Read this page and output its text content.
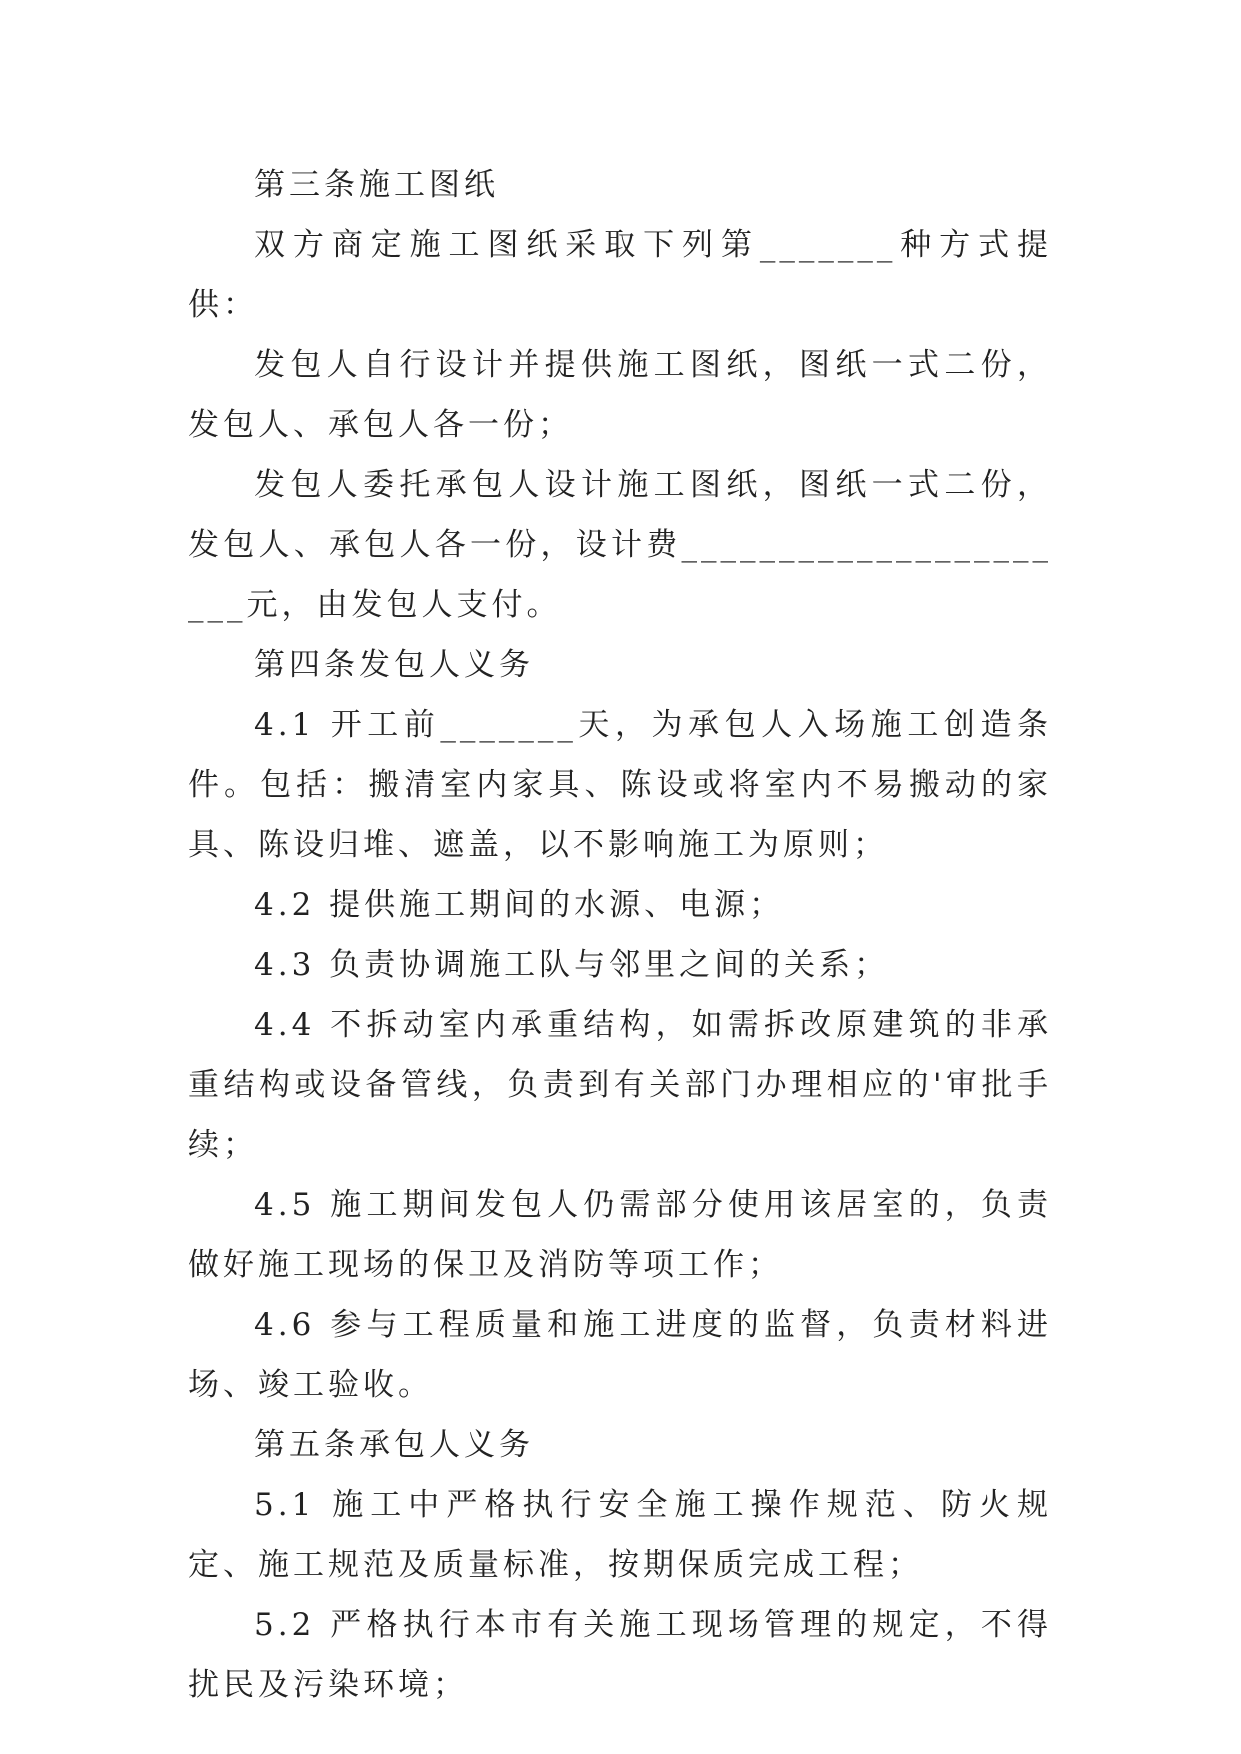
第三条施工图纸

双方商定施工图纸采取下列第_______种方式提供：

发包人自行设计并提供施工图纸，图纸一式二份，发包人、承包人各一份；

发包人委托承包人设计施工图纸，图纸一式二份，发包人、承包人各一份，设计费______________________元，由发包人支付。

第四条发包人义务

4.1 开工前_______天，为承包人入场施工创造条件。包括：搬清室内家具、陈设或将室内不易搬动的家具、陈设归堆、遮盖，以不影响施工为原则；

4.2 提供施工期间的水源、电源；

4.3 负责协调施工队与邻里之间的关系；

4.4 不拆动室内承重结构，如需拆改原建筑的非承重结构或设备管线，负责到有关部门办理相应的'审批手续；

4.5 施工期间发包人仍需部分使用该居室的，负责做好施工现场的保卫及消防等项工作；

4.6 参与工程质量和施工进度的监督，负责材料进场、竣工验收。

第五条承包人义务

5.1 施工中严格执行安全施工操作规范、防火规定、施工规范及质量标准，按期保质完成工程；

5.2 严格执行本市有关施工现场管理的规定，不得扰民及污染环境；
